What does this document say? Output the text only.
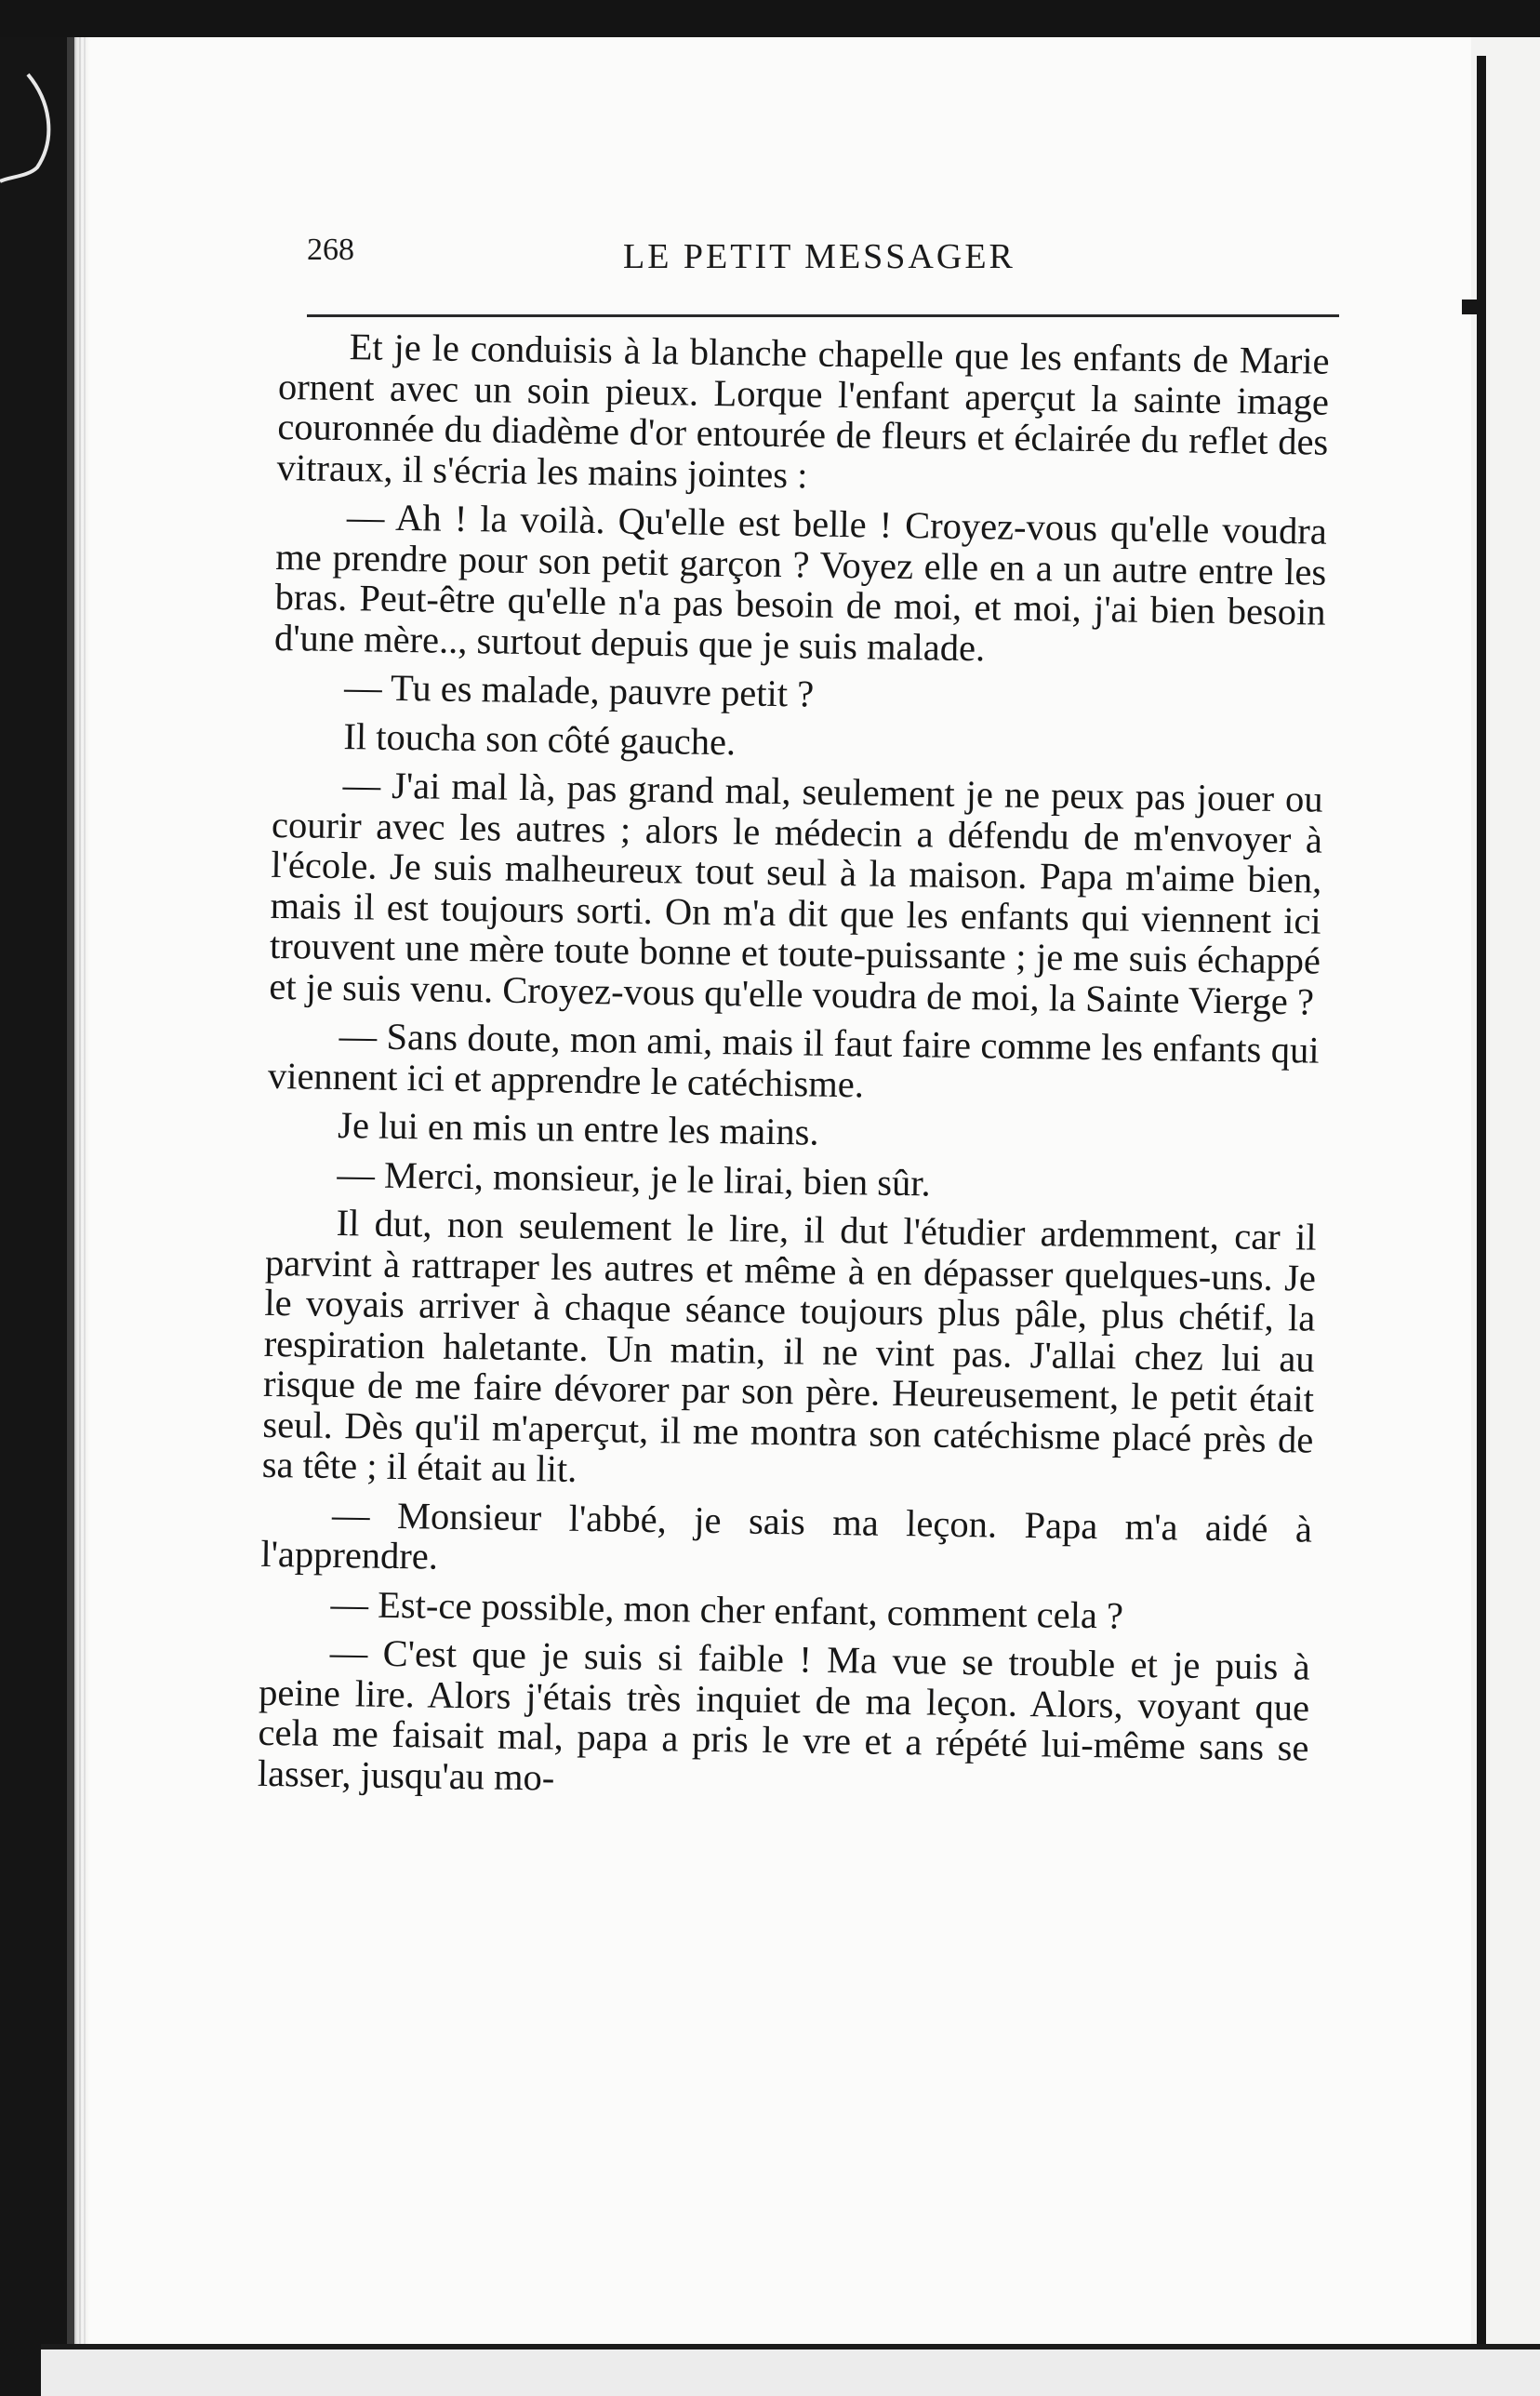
268	LE PETIT MESSAGER

Et je le conduisis à la blanche chapelle que les enfants de Marie ornent avec un soin pieux. Lorque l'enfant aperçut la sainte image couronnée du diadème d'or entourée de fleurs et éclairée du reflet des vitraux, il s'écria les mains jointes :

— Ah ! la voilà. Qu'elle est belle ! Croyez-vous qu'elle voudra me prendre pour son petit garçon ? Voyez elle en a un autre entre les bras. Peut-être qu'elle n'a pas besoin de moi, et moi, j'ai bien besoin d'une mère.., surtout depuis que je suis malade.

— Tu es malade, pauvre petit ?

Il toucha son côté gauche.

— J'ai mal là, pas grand mal, seulement je ne peux pas jouer ou courir avec les autres ; alors le médecin a défendu de m'envoyer à l'école. Je suis malheureux tout seul à la maison. Papa m'aime bien, mais il est toujours sorti. On m'a dit que les enfants qui viennent ici trouvent une mère toute bonne et toute-puissante ; je me suis échappé et je suis venu. Croyez-vous qu'elle voudra de moi, la Sainte Vierge ?

— Sans doute, mon ami, mais il faut faire comme les enfants qui viennent ici et apprendre le catéchisme.

Je lui en mis un entre les mains.

— Merci, monsieur, je le lirai, bien sûr.

Il dut, non seulement le lire, il dut l'étudier ardemment, car il parvint à rattraper les autres et même à en dépasser quelques-uns. Je le voyais arriver à chaque séance toujours plus pâle, plus chétif, la respiration haletante. Un matin, il ne vint pas. J'allai chez lui au risque de me faire dévorer par son père. Heureusement, le petit était seul. Dès qu'il m'aperçut, il me montra son catéchisme placé près de sa tête ; il était au lit.

— Monsieur l'abbé, je sais ma leçon. Papa m'a aidé à l'apprendre.

— Est-ce possible, mon cher enfant, comment cela ?

— C'est que je suis si faible ! Ma vue se trouble et je puis à peine lire. Alors j'étais très inquiet de ma leçon. Alors, voyant que cela me faisait mal, papa a pris le vre et a répété lui-même sans se lasser, jusqu'au mo-
